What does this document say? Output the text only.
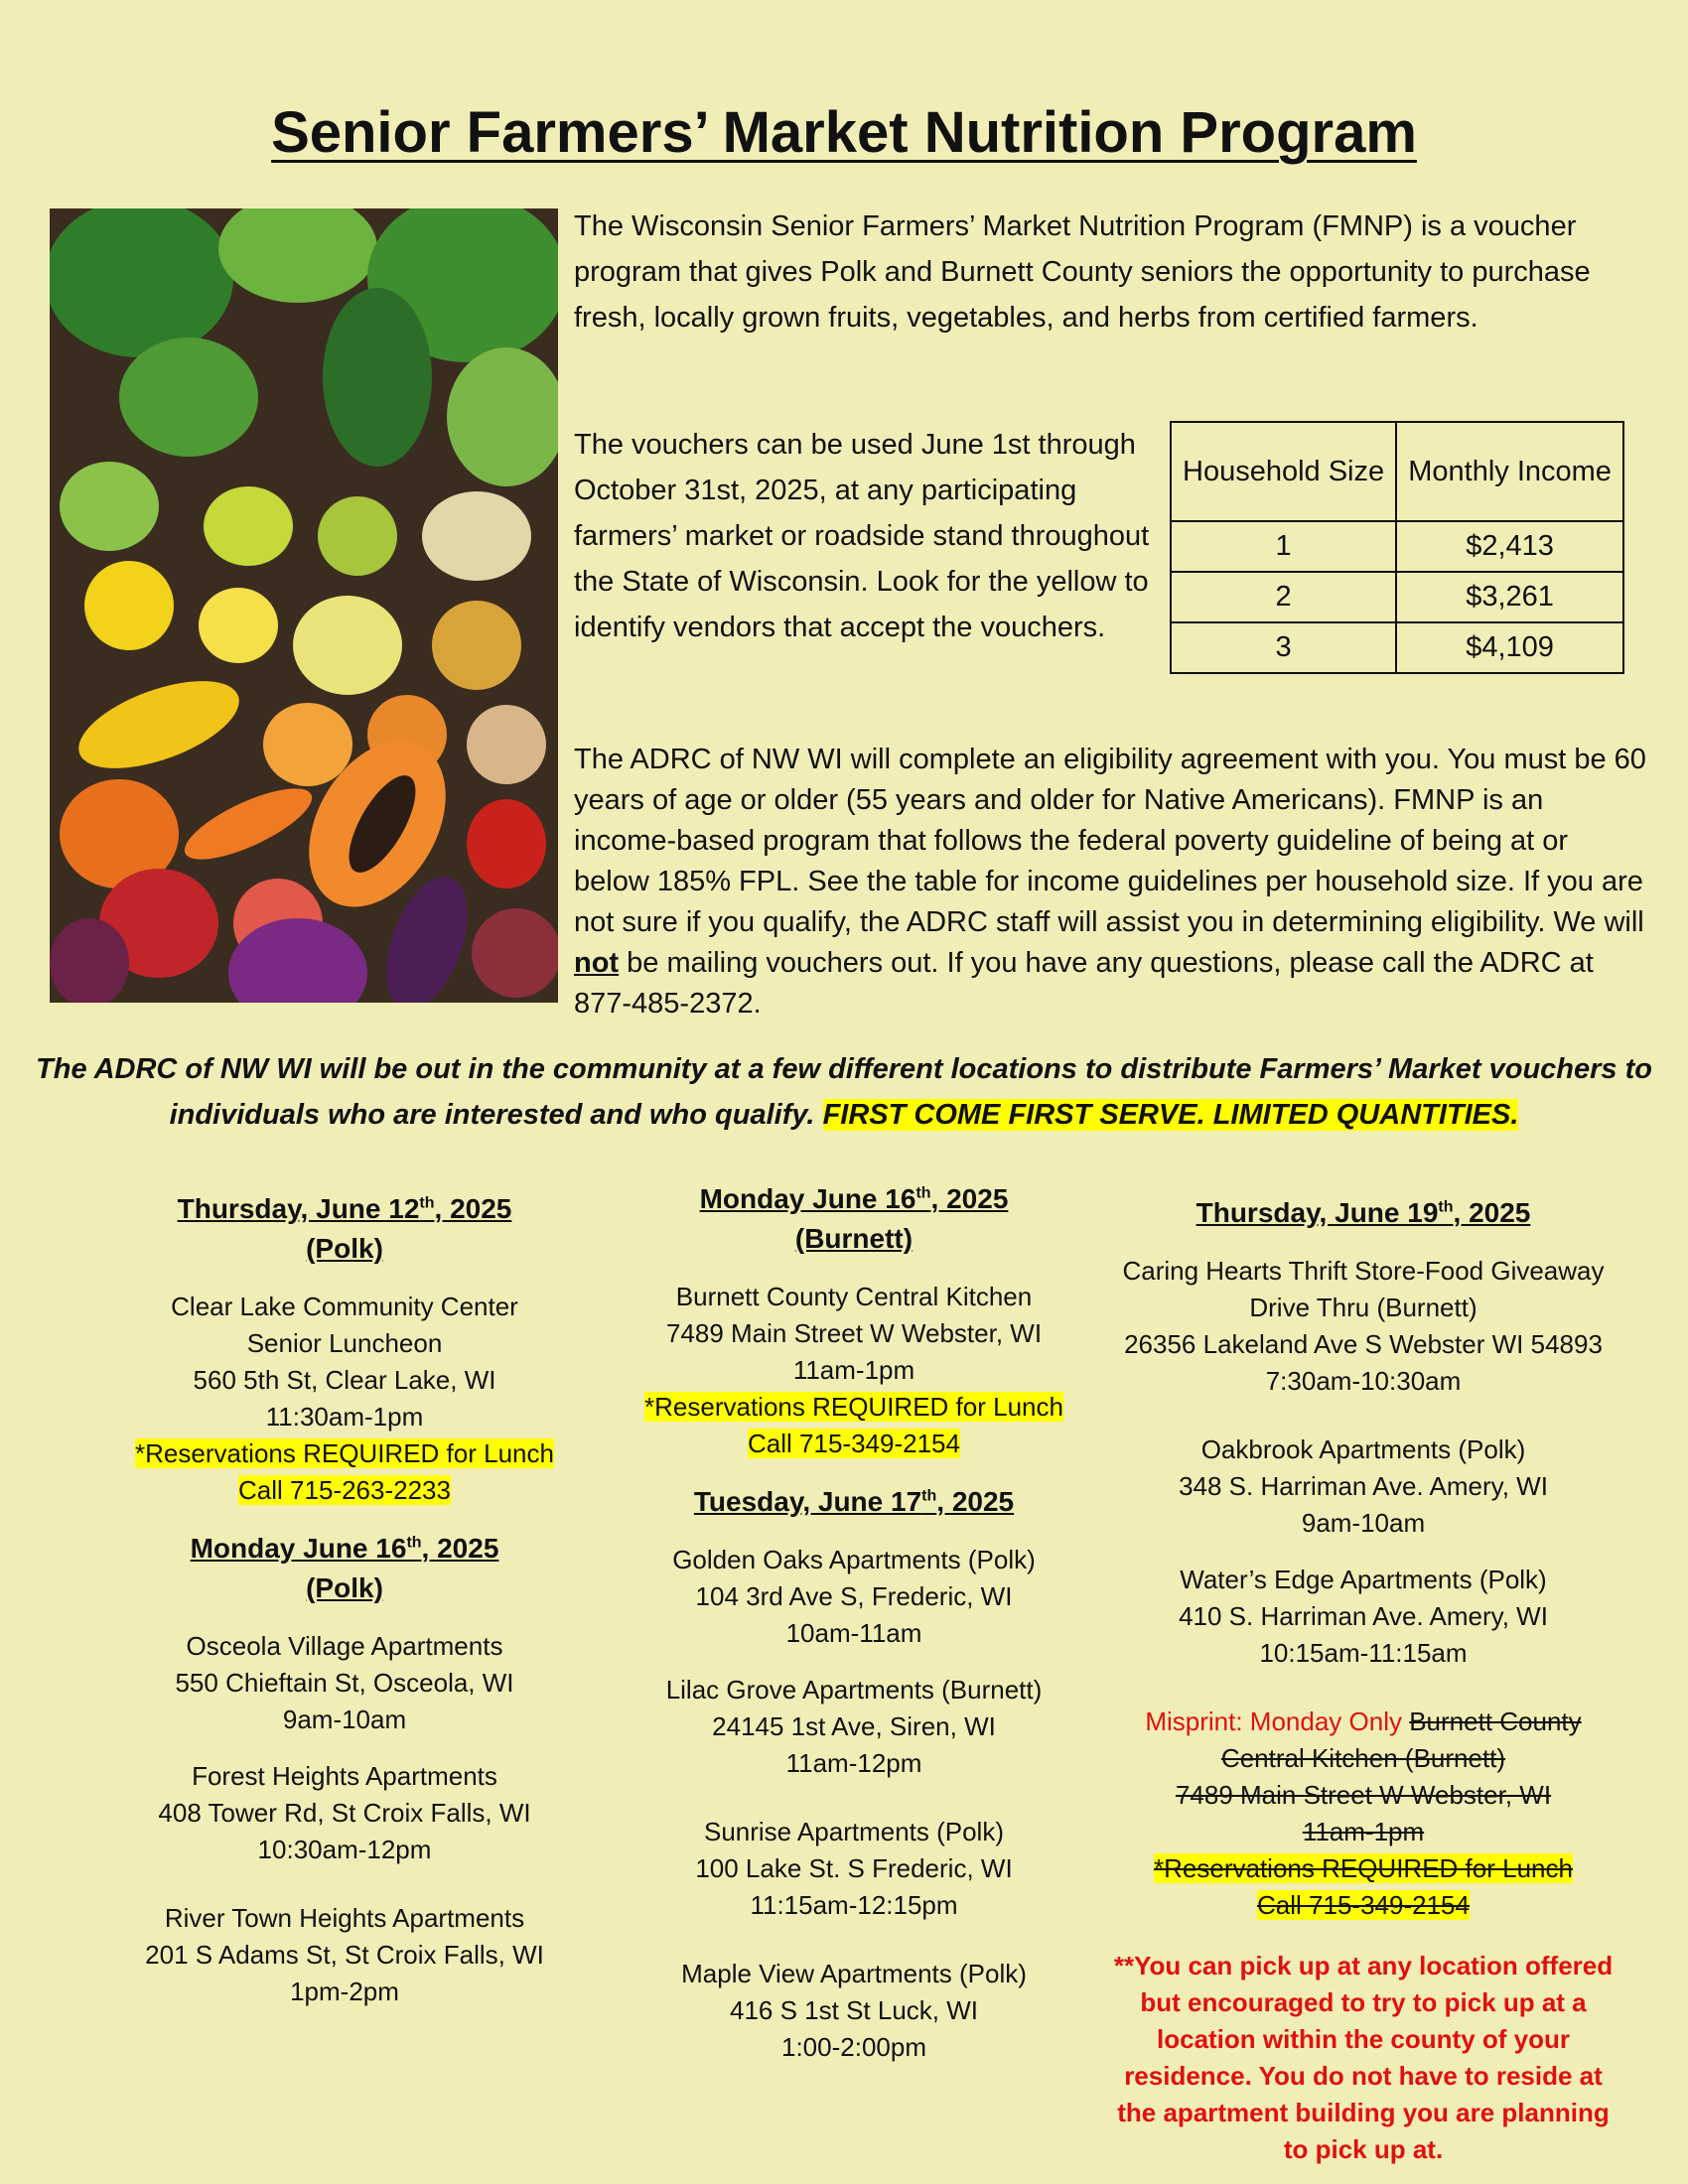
Senior Farmers’ Market Nutrition Program

The Wisconsin Senior Farmers’ Market Nutrition Program (FMNP) is a voucher program that gives Polk and Burnett County seniors the opportunity to purchase fresh, locally grown fruits, vegetables, and herbs from certified farmers.

The vouchers can be used June 1st through October 31st, 2025, at any participating farmers’ market or roadside stand throughout the State of Wisconsin. Look for the yellow to identify vendors that accept the vouchers.

Household Size	Monthly Income
1	$2,413
2	$3,261
3	$4,109

The ADRC of NW WI will complete an eligibility agreement with you. You must be 60 years of age or older (55 years and older for Native Americans). FMNP is an income-based program that follows the federal poverty guideline of being at or below 185% FPL. See the table for income guidelines per household size. If you are not sure if you qualify, the ADRC staff will assist you in determining eligibility. We will not be mailing vouchers out. If you have any questions, please call the ADRC at 877-485-2372.

The ADRC of NW WI will be out in the community at a few different locations to distribute Farmers’ Market vouchers to individuals who are interested and who qualify. FIRST COME FIRST SERVE. LIMITED QUANTITIES.
Thursday, June 12th, 2025
(Polk)
Clear Lake Community Center
Senior Luncheon
560 5th St, Clear Lake, WI
11:30am-1pm
*Reservations REQUIRED for Lunch
Call 715-263-2233
Monday June 16th, 2025
(Polk)
Osceola Village Apartments
550 Chieftain St, Osceola, WI
9am-10am
Forest Heights Apartments
408 Tower Rd, St Croix Falls, WI
10:30am-12pm
River Town Heights Apartments
201 S Adams St, St Croix Falls, WI
1pm-2pm
Monday June 16th, 2025
(Burnett)
Burnett County Central Kitchen
7489 Main Street W Webster, WI
11am-1pm
*Reservations REQUIRED for Lunch
Call 715-349-2154
Tuesday, June 17th, 2025
Golden Oaks Apartments (Polk)
104 3rd Ave S, Frederic, WI
10am-11am
Lilac Grove Apartments (Burnett)
24145 1st Ave, Siren, WI
11am-12pm
Sunrise Apartments (Polk)
100 Lake St. S Frederic, WI
11:15am-12:15pm
Maple View Apartments (Polk)
416 S 1st St Luck, WI
1:00-2:00pm
Thursday, June 19th, 2025
Caring Hearts Thrift Store-Food Giveaway
Drive Thru (Burnett)
26356 Lakeland Ave S Webster WI 54893
7:30am-10:30am
Oakbrook Apartments (Polk)
348 S. Harriman Ave. Amery, WI
9am-10am
Water’s Edge Apartments (Polk)
410 S. Harriman Ave. Amery, WI
10:15am-11:15am
Misprint: Monday Only Burnett County
Central Kitchen (Burnett)
7489 Main Street W Webster, WI
11am-1pm
*Reservations REQUIRED for Lunch
Call 715-349-2154
**You can pick up at any location offered but encouraged to try to pick up at a location within the county of your residence. You do not have to reside at the apartment building you are planning to pick up at.
